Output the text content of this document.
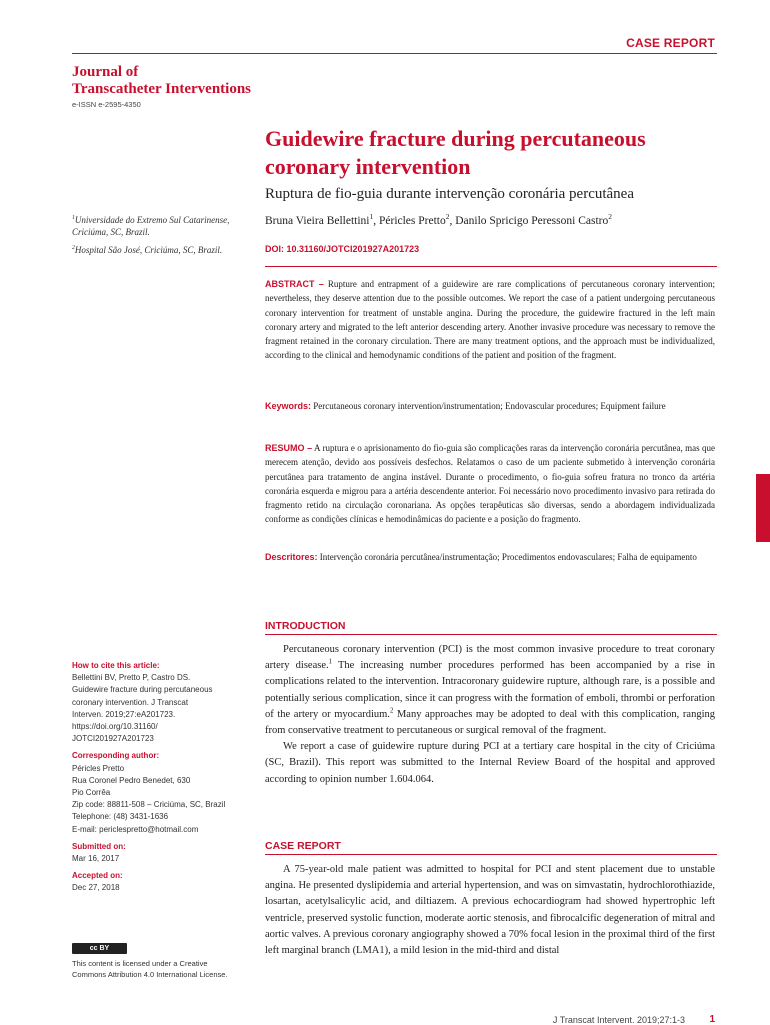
CASE REPORT
Journal of
Transcatheter Interventions
e-ISSN e-2595-4350
Guidewire fracture during percutaneous coronary intervention
Ruptura de fio-guia durante intervenção coronária percutânea
Bruna Vieira Bellettini$^1$, Péricles Pretto$^2$, Danilo Spricigo Peressoni Castro$^2$
DOI: 10.31160/JOTCI201927A201723

$^1$Universidade do Extremo Sul Catarinense, Criciúma, SC, Brazil.

$^2$Hospital São José, Criciúma, SC, Brazil.

ABSTRACT – Rupture and entrapment of a guidewire are rare complications of percutaneous coronary intervention; nevertheless, they deserve attention due to the possible outcomes. We report the case of a patient undergoing percutaneous coronary intervention for treatment of unstable angina. During the procedure, the guidewire fractured in the left main coronary artery and migrated to the left anterior descending artery. Another invasive procedure was necessary to remove the fragment retained in the coronary circulation. There are many treatment options, and the approach must be individualized, according to the clinical and hemodynamic conditions of the patient and position of the fragment.

Keywords: Percutaneous coronary intervention/instrumentation; Endovascular procedures; Equipment failure

RESUMO – A ruptura e o aprisionamento do fio-guia são complicações raras da intervenção coronária percutânea, mas que merecem atenção, devido aos possíveis desfechos. Relatamos o caso de um paciente submetido à intervenção coronária percutânea para tratamento de angina instável. Durante o procedimento, o fio-guia sofreu fratura no tronco da artéria coronária esquerda e migrou para a artéria descendente anterior. Foi necessário novo procedimento invasivo para retirada do fragmento retido na circulação coronariana. As opções terapêuticas são diversas, sendo a abordagem individualizada conforme as condições clínicas e hemodinâmicas do paciente e a posição do fragmento.

Descritores: Intervenção coronária percutânea/instrumentação; Procedimentos endovasculares; Falha de equipamento

INTRODUCTION

Percutaneous coronary intervention (PCI) is the most common invasive procedure to treat coronary artery disease.$^1$ The increasing number procedures performed has been accompanied by a rise in complications related to the intervention. Intracoronary guidewire rupture, although rare, is a possible and potentially serious complication, since it can progress with the formation of emboli, thrombi or perforation of the artery or myocardium.$^2$ Many approaches may be adopted to deal with this complication, ranging from conservative treatment to percutaneous or surgical removal of the fragment.

We report a case of guidewire rupture during PCI at a tertiary care hospital in the city of Criciúma (SC, Brazil). This report was submitted to the Internal Review Board of the hospital and approved according to opinion number 1.604.064.

CASE REPORT

A 75-year-old male patient was admitted to hospital for PCI and stent placement due to unstable angina. He presented dyslipidemia and arterial hypertension, and was on simvastatin, hydrochlorothiazide, losartan, acetylsalicylic acid, and diltiazem. A previous echocardiogram had showed hypertrophic left ventricle, preserved systolic function, moderate aortic stenosis, and fibrocalcific degeneration of mitral and aortic valves. A previous coronary angiography showed a 70% focal lesion in the proximal third of the first left marginal branch (LMA1), a mild lesion in the mid-third and distal

How to cite this article:
Bellettini BV, Pretto P, Castro DS.
Guidewire fracture during percutaneous
coronary intervention. J Transcat
Interven. 2019;27:eA201723.
https://doi.org/10.31160/
JOTCI201927A201723
Corresponding author:
Péricles Pretto
Rua Coronel Pedro Benedet, 630
Pio Corrêa
Zip code: 88811-508 – Criciúma, SC, Brazil
Telephone: (48) 3431-1636
E-mail: periclespretto@hotmail.com
Submitted on:
Mar 16, 2017
Accepted on:
Dec 27, 2018
cc BY
This content is licensed under a Creative
Commons Attribution 4.0 International License.
J Transcat Intervent. 2019;27:1-3 1
